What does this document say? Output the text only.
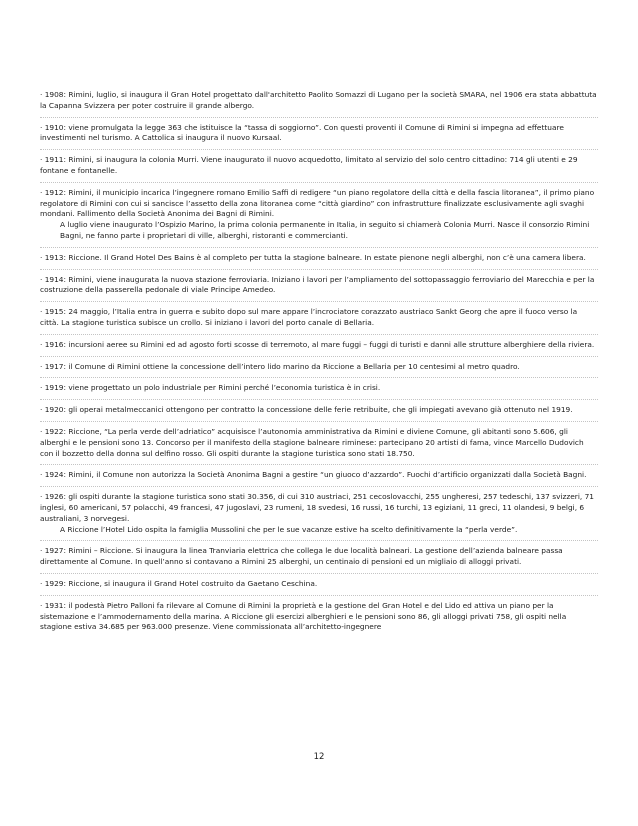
· 1908: Rimini, luglio, si inaugura il Gran Hotel progettato dall'architetto Paolito Somazzi di Lugano per la società SMARA, nel 1906 era stata abbattuta la Capanna Svizzera per poter costruire il grande albergo.

· 1910: viene promulgata la legge 363 che istituisce la “tassa di soggiorno”. Con questi proventi il Comune di Rimini si impegna ad effettuare investimenti nel turismo. A Cattolica si inaugura il nuovo Kursaal.

· 1911: Rimini, si inaugura la colonia Murri. Viene inaugurato il nuovo acquedotto, limitato al servizio del solo centro cittadino: 714 gli utenti e 29 fontane e fontanelle.

· 1912: Rimini, il municipio incarica l’ingegnere romano Emilio Saffi di redigere “un piano regolatore della città e della fascia litoranea”, il primo piano regolatore di Rimini con cui si sancisce l’assetto della zona litoranea come “città giardino” con infrastrutture finalizzate esclusivamente agli svaghi mondani. Fallimento della Società Anonima dei Bagni di Rimini.

A luglio viene inaugurato l’Ospizio Marino, la prima colonia permanente in Italia, in seguito si chiamerà Colonia Murri. Nasce il consorzio Rimini Bagni, ne fanno parte i proprietari di ville, alberghi, ristoranti e commercianti.

· 1913: Riccione. Il Grand Hotel Des Bains è al completo per tutta la stagione balneare. In estate pienone negli alberghi, non c’è una camera libera.

· 1914: Rimini, viene inaugurata la nuova stazione ferroviaria. Iniziano i lavori per l’ampliamento del sottopassaggio ferroviario del Marecchia e per la costruzione della passerella pedonale di viale Principe Amedeo.

· 1915: 24 maggio, l’Italia entra in guerra e subito dopo sul mare appare l’incrociatore corazzato austriaco Sankt Georg che apre il fuoco verso la città. La stagione turistica subisce un crollo. Si iniziano i lavori del porto canale di Bellaria.

· 1916: incursioni aeree su Rimini ed ad agosto forti scosse di terremoto, al mare fuggi – fuggi di turisti e danni alle strutture alberghiere della riviera.

· 1917: il Comune di Rimini ottiene la concessione dell’intero lido marino da Riccione a Bellaria per 10 centesimi al metro quadro.

· 1919: viene progettato un polo industriale per Rimini perché l’economia turistica è in crisi.

· 1920: gli operai metalmeccanici ottengono per contratto la concessione delle ferie retribuite, che gli impiegati avevano già ottenuto nel 1919.

· 1922: Riccione, “La perla verde dell’adriatico” acquisisce l’autonomia amministrativa da Rimini e diviene Comune, gli abitanti sono 5.606, gli alberghi e le pensioni sono 13. Concorso per il manifesto della stagione balneare riminese: partecipano 20 artisti di fama, vince Marcello Dudovich con il bozzetto della donna sul delfino rosso. Gli ospiti durante la stagione turistica sono stati 18.750.

· 1924: Rimini, il Comune non autorizza la Società Anonima Bagni a gestire “un giuoco d’azzardo”. Fuochi d’artificio organizzati dalla Società Bagni.

· 1926: gli ospiti durante la stagione turistica sono stati 30.356, di cui 310 austriaci, 251 cecoslovacchi, 255 ungheresi, 257 tedeschi, 137 svizzeri, 71 inglesi, 60 americani, 57 polacchi, 49 francesi, 47 jugoslavi, 23 rumeni, 18 svedesi, 16 russi, 16 turchi, 13 egiziani, 11 greci, 11 olandesi, 9 belgi, 6 australiani, 3 norvegesi.

A Riccione l’Hotel Lido ospita la famiglia Mussolini che per le sue vacanze estive ha scelto definitivamente la “perla verde”.

· 1927: Rimini – Riccione. Si inaugura la linea Tranviaria elettrica che collega le due località balneari. La gestione dell’azienda balneare passa direttamente al Comune. In quell’anno si contavano a Rimini 25 alberghi, un centinaio di pensioni ed un migliaio di alloggi privati.

· 1929: Riccione, si inaugura il Grand Hotel costruito da Gaetano Ceschina.

· 1931: il podestà Pietro Palloni fa rilevare al Comune di Rimini la proprietà e la gestione del Gran Hotel e del Lido ed attiva un piano per la sistemazione e l’ammodernamento della marina. A Riccione gli esercizi alberghieri e le pensioni sono 86, gli alloggi privati 758, gli ospiti nella stagione estiva 34.685 per 963.000 presenze. Viene commissionata all’architetto-ingegnere

12
